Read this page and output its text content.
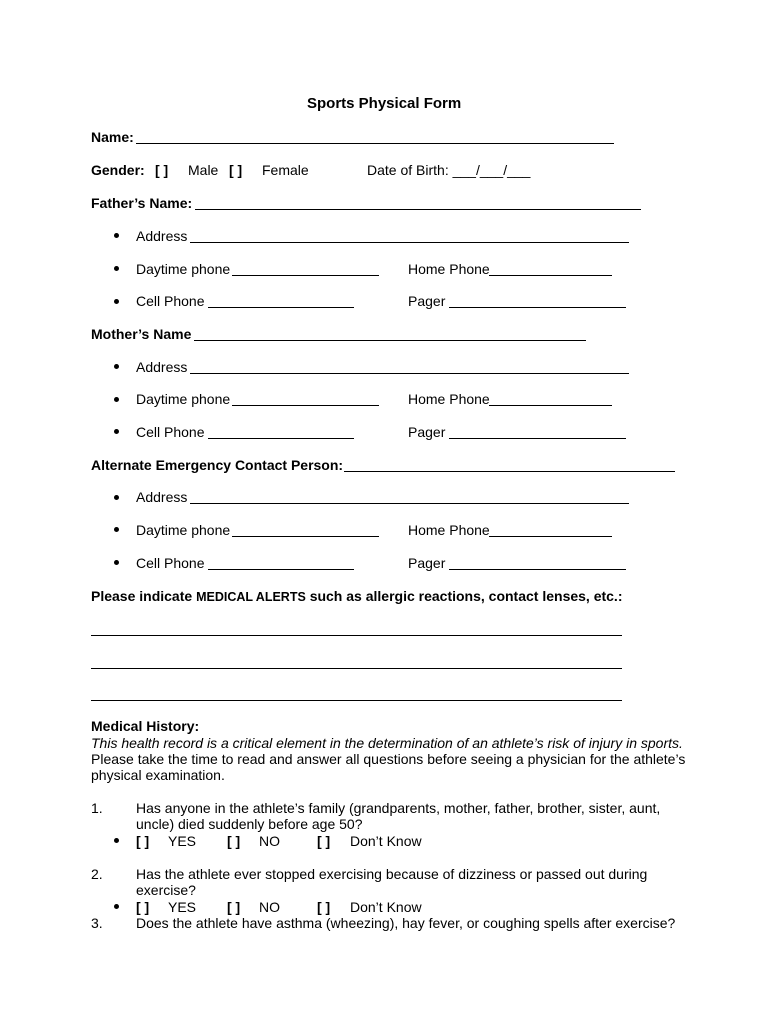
Sports Physical Form
Name:
Gender: [ ] Male [ ] Female	Date of Birth: ___/___/___
Father’s Name:
Address
Daytime phone	Home Phone
Cell Phone	Pager
Mother’s Name
Address
Daytime phone	Home Phone
Cell Phone	Pager
Alternate Emergency Contact Person:
Address
Daytime phone	Home Phone
Cell Phone	Pager
Please indicate MEDICAL ALERTS such as allergic reactions, contact lenses, etc.:
Medical History:
This health record is a critical element in the determination of an athlete’s risk of injury in sports.
Please take the time to read and answer all questions before seeing a physician for the athlete’s
physical examination.
1. Has anyone in the athlete’s family (grandparents, mother, father, brother, sister, aunt,
uncle) died suddenly before age 50?
[ ] YES [ ] NO	[ ] Don’t Know
2. Has the athlete ever stopped exercising because of dizziness or passed out during
exercise?
[ ] YES [ ] NO	[ ] Don’t Know
3. Does the athlete have asthma (wheezing), hay fever, or coughing spells after exercise?
